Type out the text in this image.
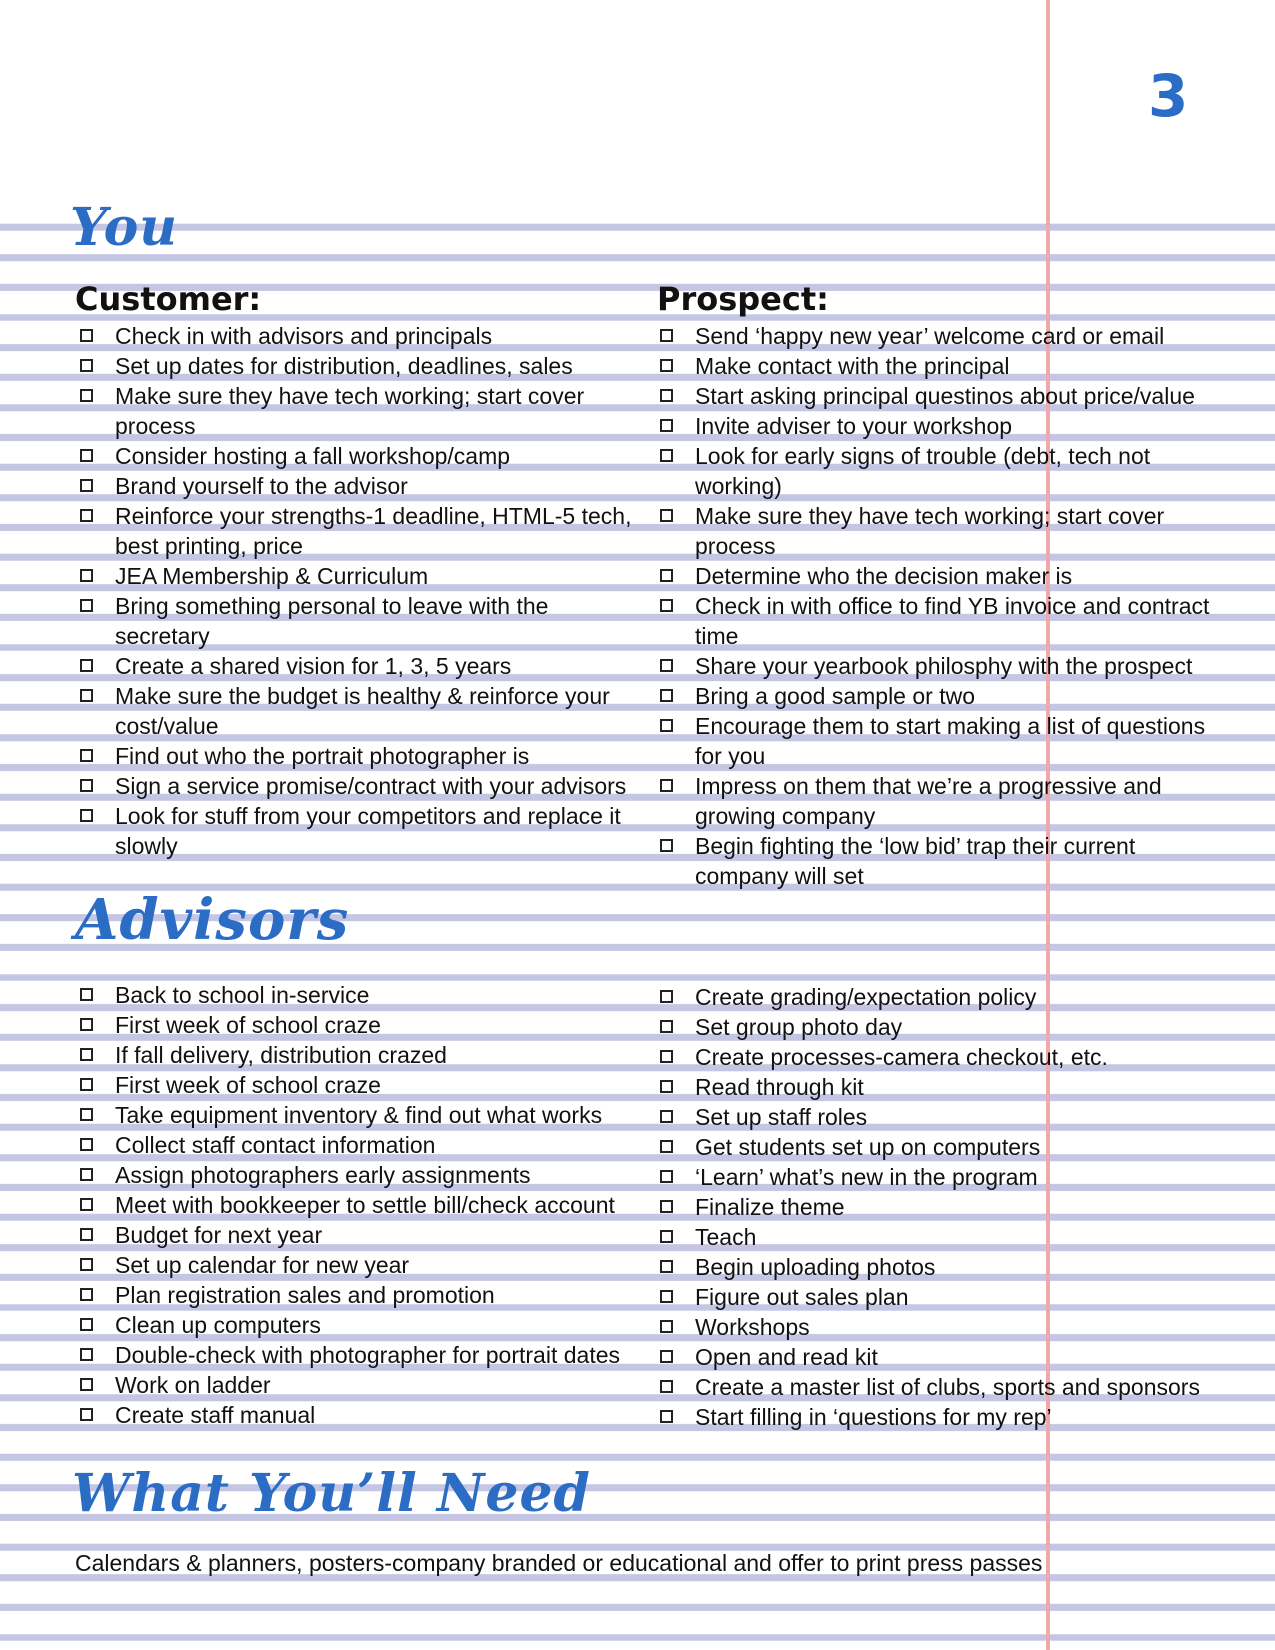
3
You
Customer:
Check in with advisors and principals
Set up dates for distribution, deadlines, sales
Make sure they have tech working; start cover process
Consider hosting a fall workshop/camp
Brand yourself to the advisor
Reinforce your strengths-1 deadline, HTML-5 tech, best printing, price
JEA Membership & Curriculum
Bring something personal to leave with the secretary
Create a shared vision for 1, 3, 5 years
Make sure the budget is healthy & reinforce your cost/value
Find out who the portrait photographer is
Sign a service promise/contract with your advisors
Look for stuff from your competitors and replace it slowly
Prospect:
Send ‘happy new year’ welcome card or email
Make contact with the principal
Start asking principal questinos about price/value
Invite adviser to your workshop
Look for early signs of trouble (debt, tech not working)
Make sure they have tech working; start cover process
Determine who the decision maker is
Check in with office to find YB invoice and contract time
Share your yearbook philosphy with the prospect
Bring a good sample or two
Encourage them to start making a list of questions for you
Impress on them that we’re a progressive and growing company
Begin fighting the ‘low bid’ trap their current company will set
Advisors
Back to school in-service
First week of school craze
If fall delivery, distribution crazed
First week of school craze
Take equipment inventory & find out what works
Collect staff contact information
Assign photographers early assignments
Meet with bookkeeper to settle bill/check account
Budget for next year
Set up calendar for new year
Plan registration sales and promotion
Clean up computers
Double-check with photographer for portrait dates
Work on ladder
Create staff manual
Create grading/expectation policy
Set group photo day
Create processes-camera checkout, etc.
Read through kit
Set up staff roles
Get students set up on computers
‘Learn’ what’s new in the program
Finalize theme
Teach
Begin uploading photos
Figure out sales plan
Workshops
Open and read kit
Create a master list of clubs, sports and sponsors
Start filling in ‘questions for my rep’
What You’ll Need

Calendars & planners, posters-company branded or educational and offer to print press passes
